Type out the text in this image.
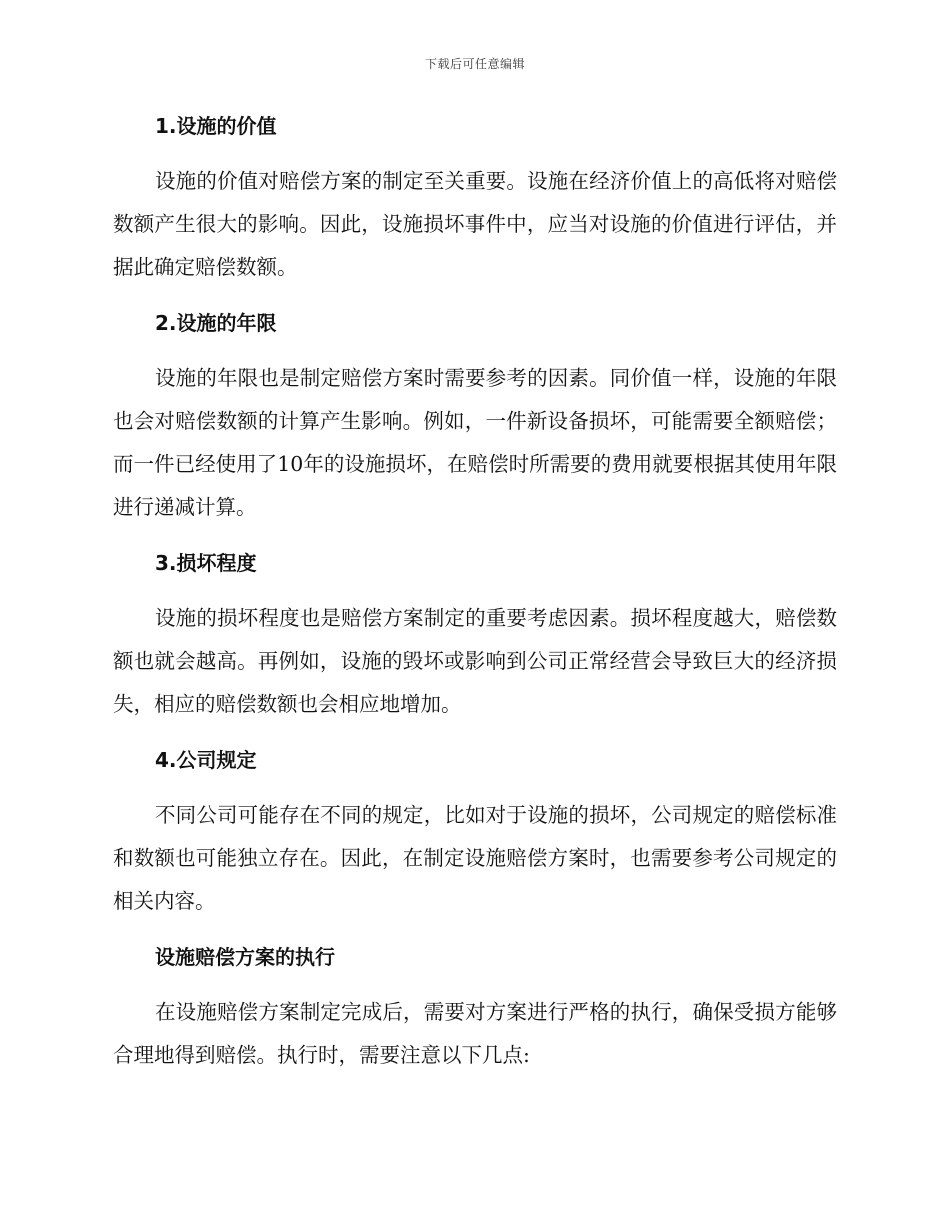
下载后可任意编辑
1.设施的价值

设施的价值对赔偿方案的制定至关重要。设施在经济价值上的高低将对赔偿数额产生很大的影响。因此，设施损坏事件中，应当对设施的价值进行评估，并据此确定赔偿数额。

2.设施的年限

设施的年限也是制定赔偿方案时需要参考的因素。同价值一样，设施的年限也会对赔偿数额的计算产生影响。例如，一件新设备损坏，可能需要全额赔偿；而一件已经使用了10年的设施损坏，在赔偿时所需要的费用就要根据其使用年限进行递减计算。

3.损坏程度

设施的损坏程度也是赔偿方案制定的重要考虑因素。损坏程度越大，赔偿数额也就会越高。再例如，设施的毁坏或影响到公司正常经营会导致巨大的经济损失，相应的赔偿数额也会相应地增加。

4.公司规定

不同公司可能存在不同的规定，比如对于设施的损坏，公司规定的赔偿标准和数额也可能独立存在。因此，在制定设施赔偿方案时，也需要参考公司规定的相关内容。

设施赔偿方案的执行

在设施赔偿方案制定完成后，需要对方案进行严格的执行，确保受损方能够合理地得到赔偿。执行时，需要注意以下几点:
